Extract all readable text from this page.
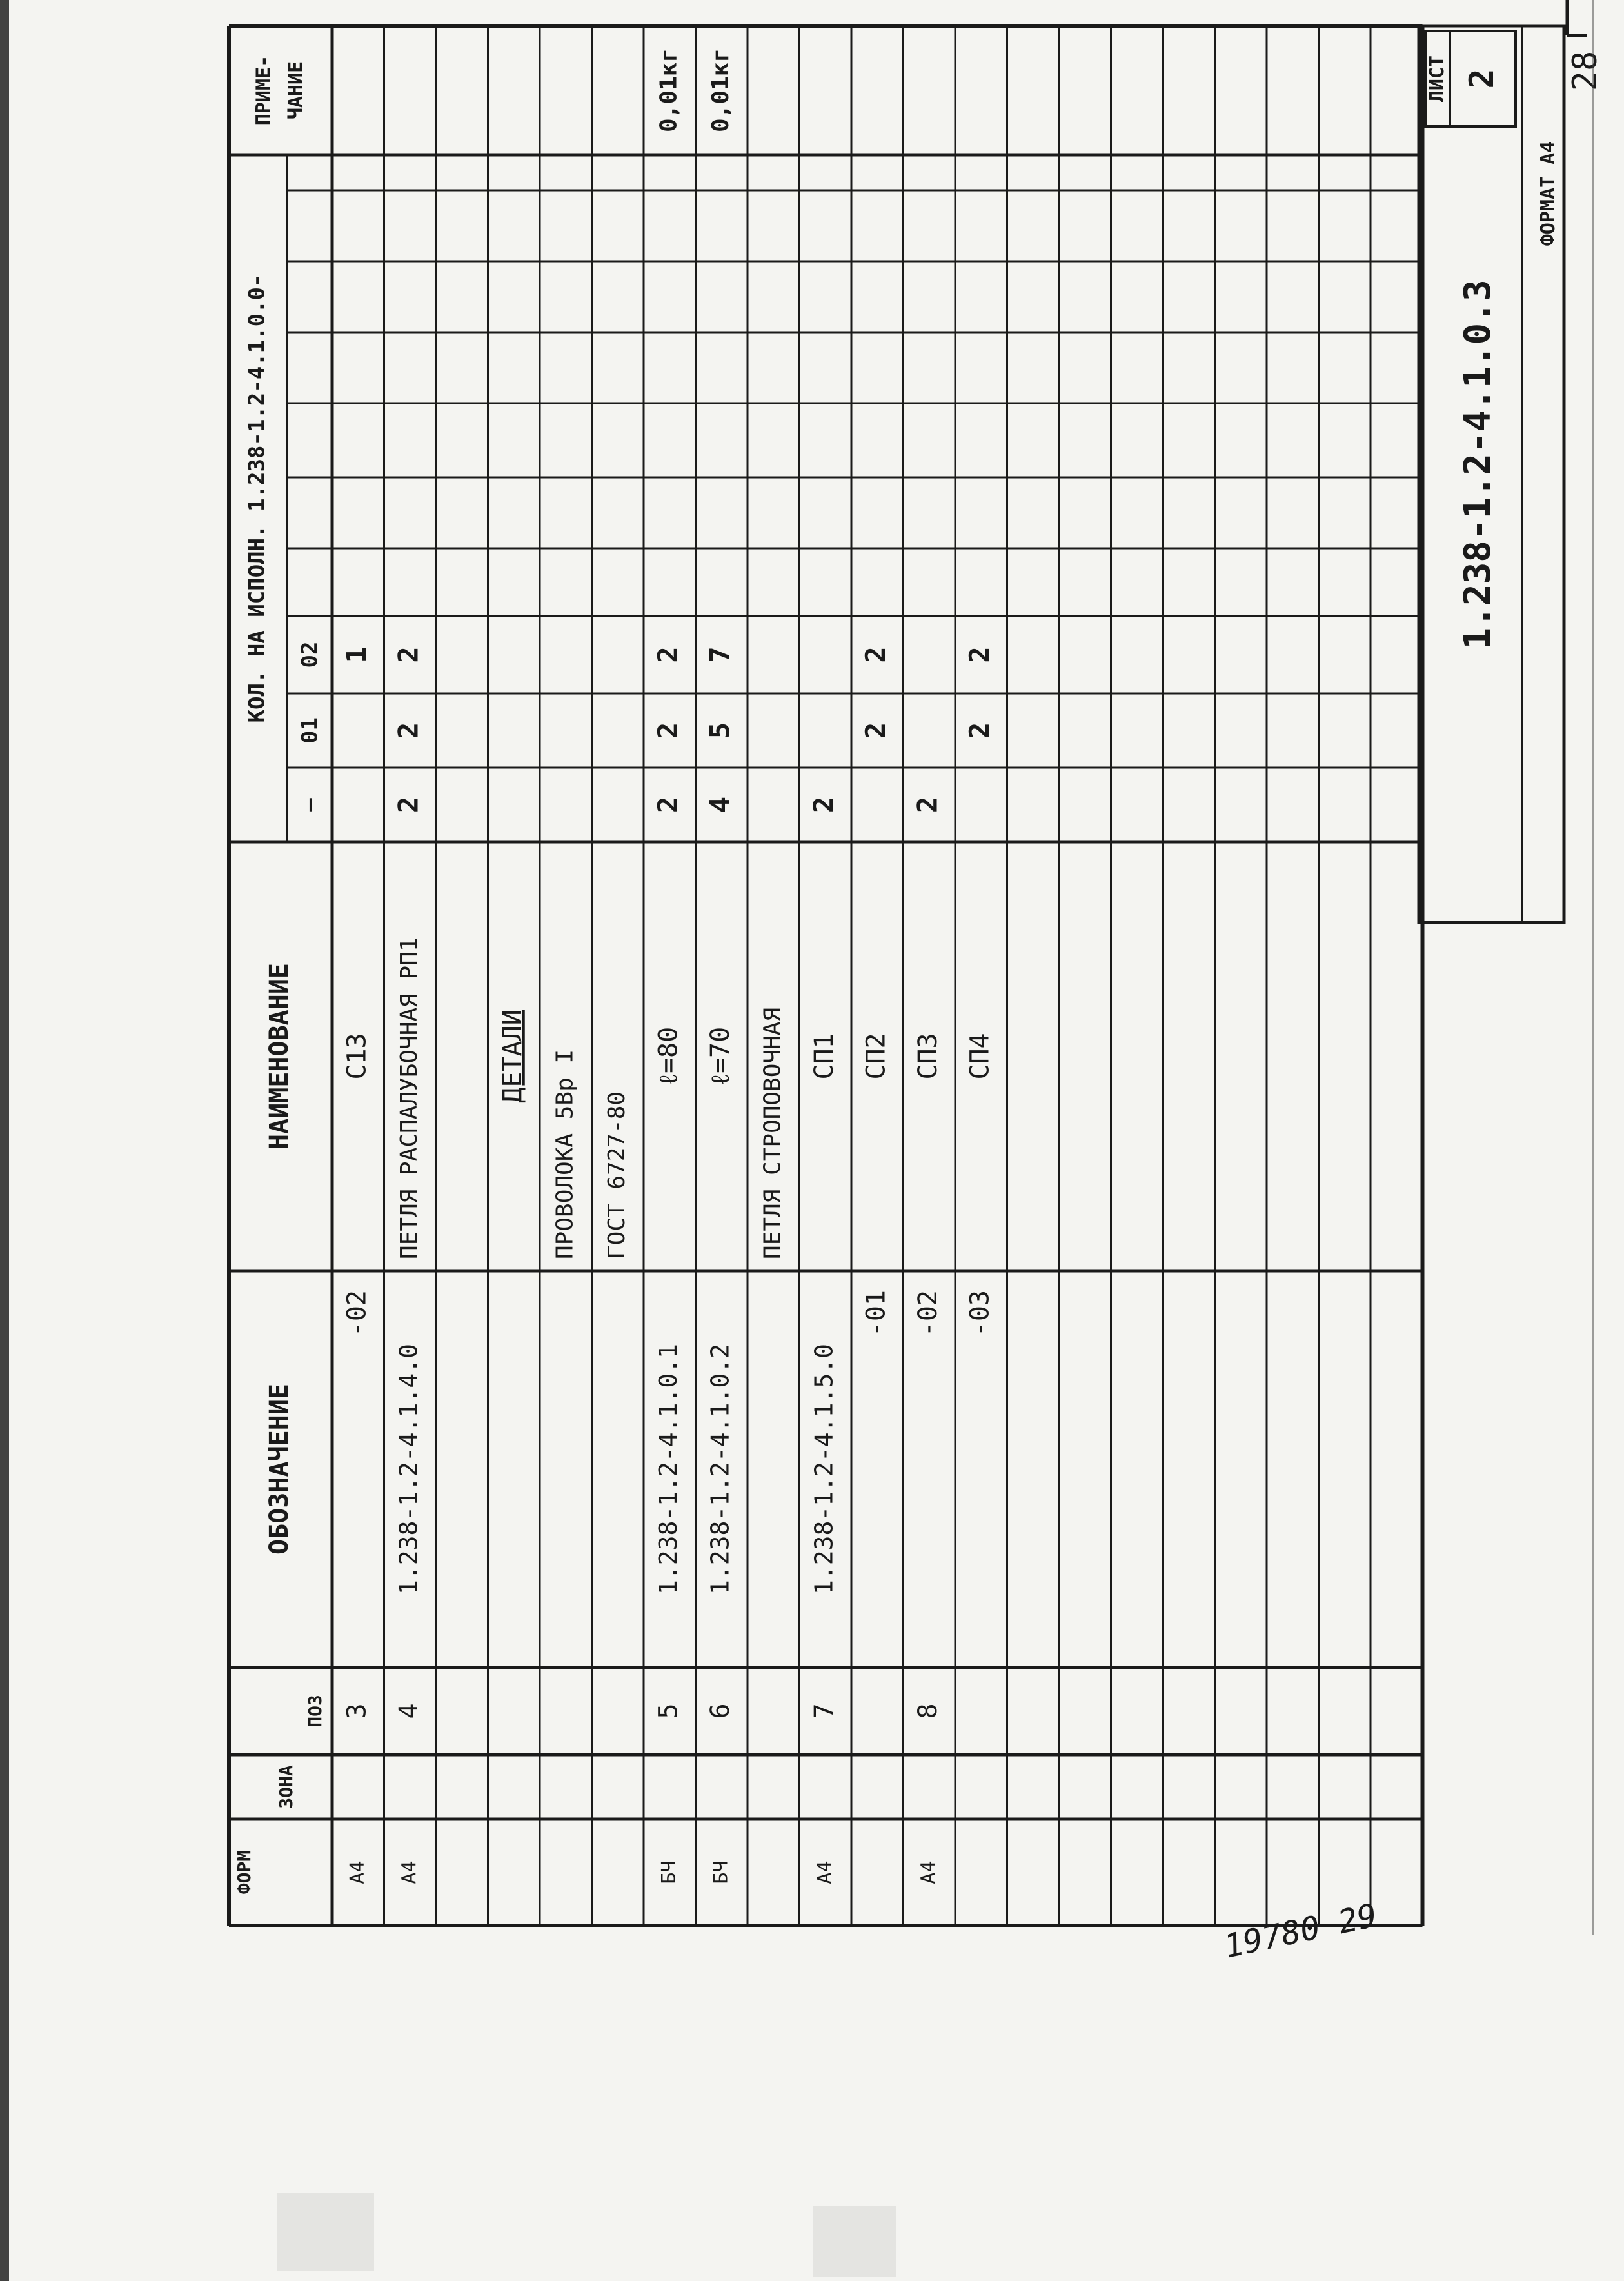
ФОРМ
ЗОНА
ПОЗ
ОБОЗНАЧЕНИЕ
НАИМЕНОВАНИЕ
КОЛ. НА ИСПОЛН. 1.238-1.2-4.1.0.0-
–
01
02
ПРИМЕ- ЧАНИЕ
А4
3
-02
С13
1
А4
4
1.238-1.2-4.1.4.0
ПЕТЛЯ РАСПАЛУБОЧНАЯ РП1
2
2
2
ДЕТАЛИ ПРОВОЛОКА 5Вр I ГОСТ 6727-80
БЧ
5
1.238-1.2-4.1.0.1
ℓ=80
2
2
2
0,01кг
БЧ
6
1.238-1.2-4.1.0.2
ℓ=70
4
5
7
0,01кг
ПЕТЛЯ СТРОПОВОЧНАЯ
А4
7
1.238-1.2-4.1.5.0
СП1
2
-01
СП2
2
2
А4
8
-02
СП3
2
-03
СП4
2
2
ЛИСТ 2
1.238-1.2-4.1.0.3
ФОРМАТ А4
28
19780 29
